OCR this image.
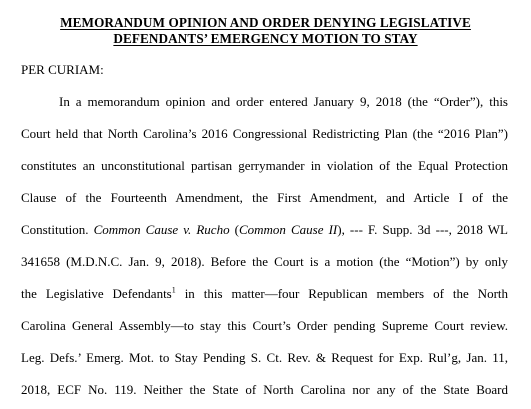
MEMORANDUM OPINION AND ORDER DENYING LEGISLATIVE
DEFENDANTS’ EMERGENCY MOTION TO STAY
PER CURIAM:
In a memorandum opinion and order entered January 9, 2018 (the “Order”), this
Court held that North Carolina’s 2016 Congressional Redistricting Plan (the “2016 Plan”)
constitutes an unconstitutional partisan gerrymander in violation of the Equal Protection
Clause of the Fourteenth Amendment, the First Amendment, and Article I of the
Constitution. Common Cause v. Rucho (Common Cause II), --- F. Supp. 3d ---, 2018 WL
341658 (M.D.N.C. Jan. 9, 2018). Before the Court is a motion (the “Motion”) by only
the Legislative Defendants$^1$ in this matter—four Republican members of the North
Carolina General Assembly—to stay this Court’s Order pending Supreme Court review.
Leg. Defs.’ Emerg. Mot. to Stay Pending S. Ct. Rev. & Request for Exp. Rul’g, Jan. 11,
2018, ECF No. 119. Neither the State of North Carolina nor any of the State Board
